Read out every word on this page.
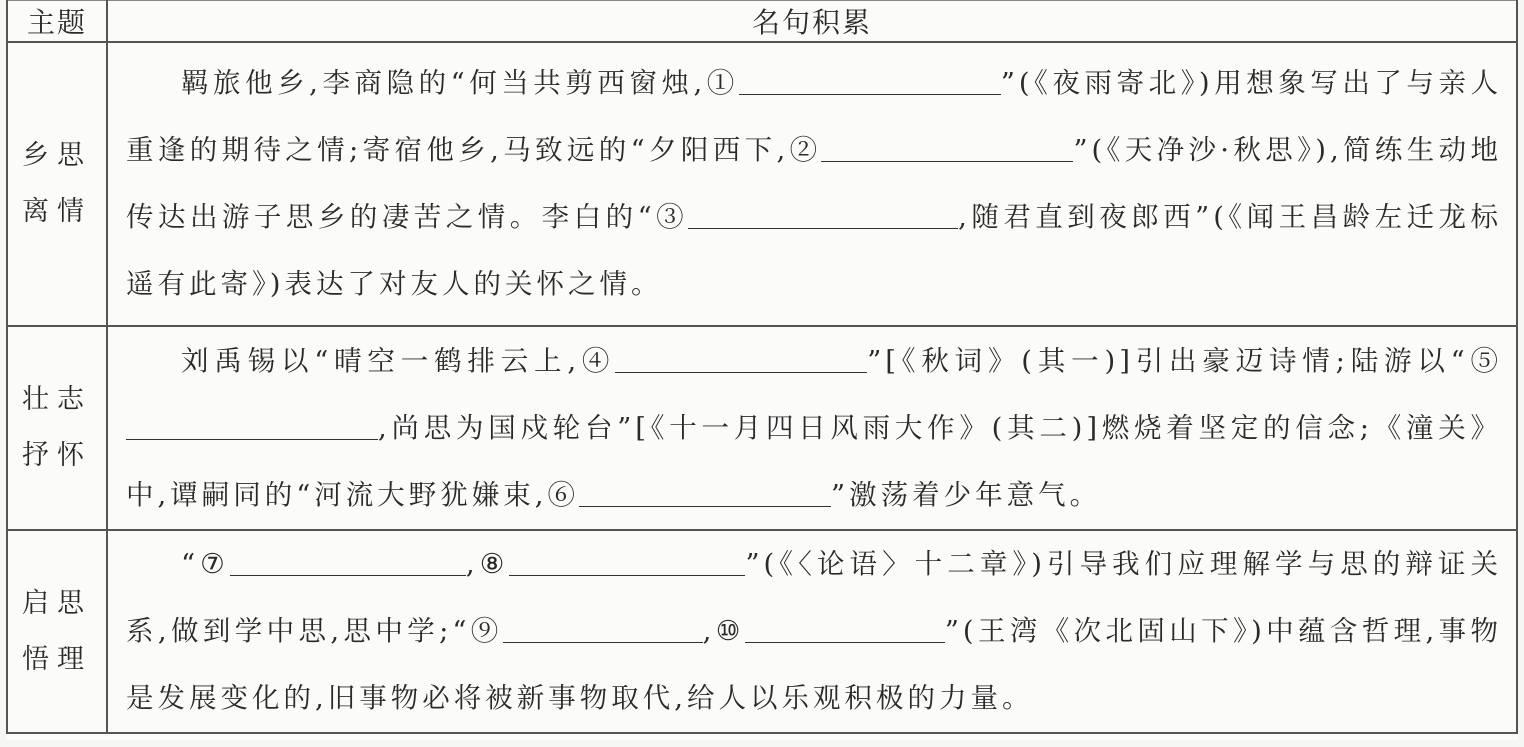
主题	名句积累

乡思
离情	羁旅他乡,李商隐的“何当共剪西窗烛,① ”(《夜雨寄北》)用想象写出了与亲人重逢的期待之情;寄宿他乡,马致远的“夕阳西下,② ”(《天净沙·秋思》),简练生动地传达出游子思乡的凄苦之情。李白的“③ ,随君直到夜郎西”(《闻王昌龄左迁龙标遥有此寄》)表达了对友人的关怀之情。

壮志
抒怀	刘禹锡以“晴空一鹤排云上,④ ”[《秋词》(其一)]引出豪迈诗情;陆游以“⑤,尚思为国戍轮台”[《十一月四日风雨大作》(其二)]燃烧着坚定的信念;《潼关》中,谭嗣同的“河流大野犹嫌束,⑥ ”激荡着少年意气。

启思
悟理	“⑦ ,⑧ ”(《〈论语〉十二章》)引导我们应理解学与思的辩证关系,做到学中思,思中学;“⑨ ,⑩ ”(王湾《次北固山下》)中蕴含哲理,事物是发展变化的,旧事物必将被新事物取代,给人以乐观积极的力量。
